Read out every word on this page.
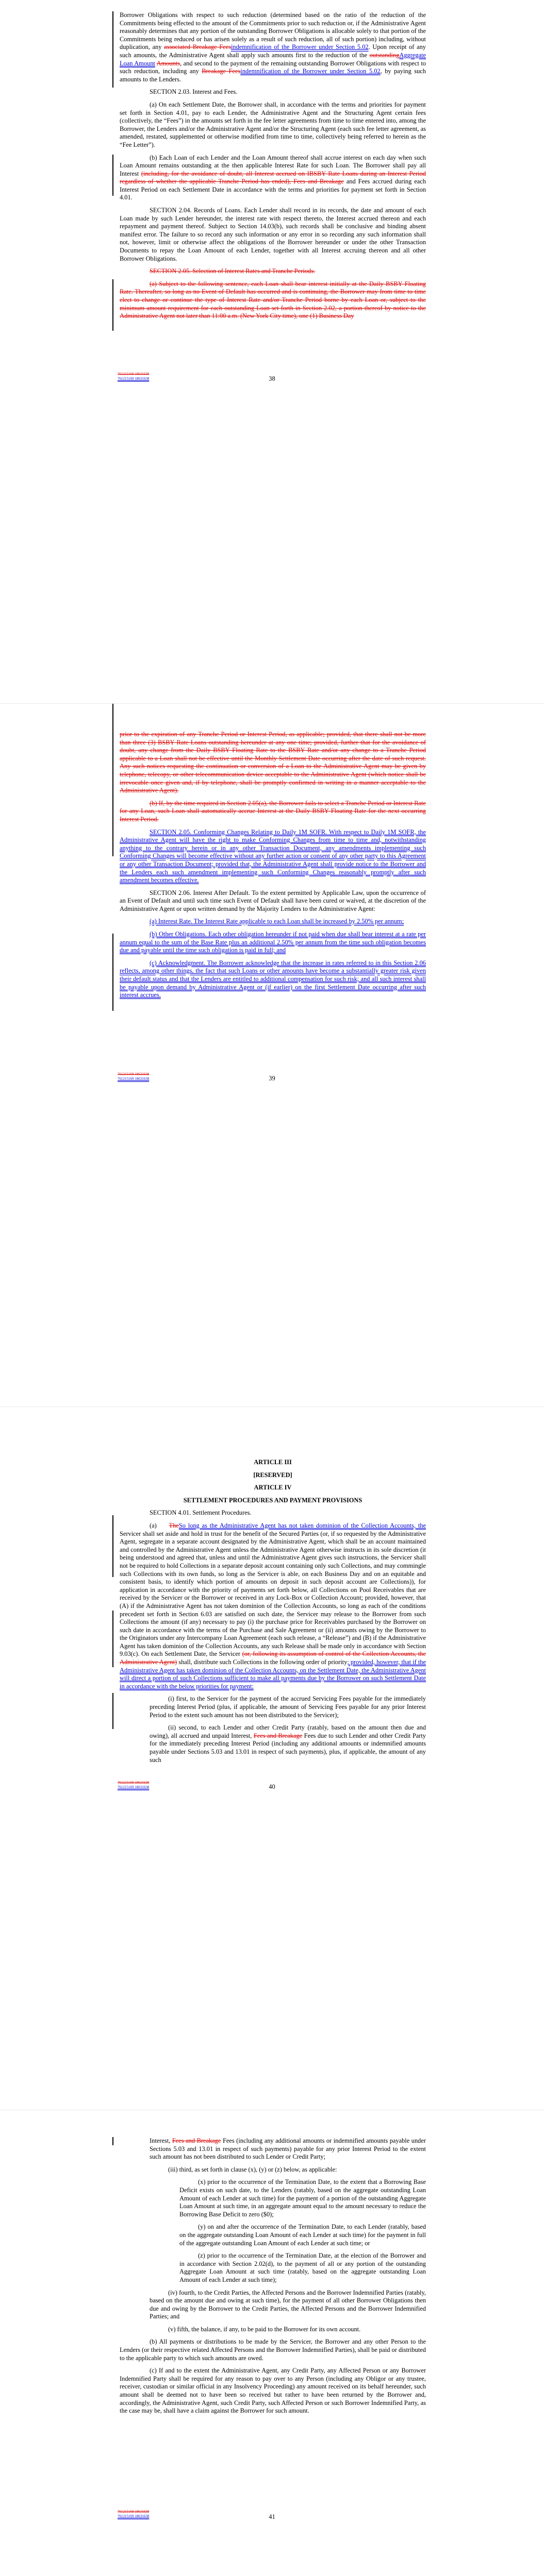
Borrower Obligations with respect to such reduction (determined based on the ratio of the reduction of the Commitments being effected to the amount of the Commitments prior to such reduction or, if the Administrative Agent reasonably determines that any portion of the outstanding Borrower Obligations is allocable solely to that portion of the Commitments being reduced or has arisen solely as a result of such reduction, all of such portion) including, without duplication, any associated Breakage Feesindemnification of the Borrower under Section 5.02. Upon receipt of any such amounts, the Administrative Agent shall apply such amounts first to the reduction of the outstandingAggregate Loan Amount Amounts, and second to the payment of the remaining outstanding Borrower Obligations with respect to such reduction, including any Breakage Feesindemnification of the Borrower under Section 5.02, by paying such amounts to the Lenders.

SECTION 2.03. Interest and Fees.

(a) On each Settlement Date, the Borrower shall, in accordance with the terms and priorities for payment set forth in Section 4.01, pay to each Lender, the Administrative Agent and the Structuring Agent certain fees (collectively, the “Fees”) in the amounts set forth in the fee letter agreements from time to time entered into, among the Borrower, the Lenders and/or the Administrative Agent and/or the Structuring Agent (each such fee letter agreement, as amended, restated, supplemented or otherwise modified from time to time, collectively being referred to herein as the “Fee Letter”).

(b) Each Loan of each Lender and the Loan Amount thereof shall accrue interest on each day when such Loan Amount remains outstanding at the then applicable Interest Rate for such Loan. The Borrower shall pay all Interest (including, for the avoidance of doubt, all Interest accrued on IBSBY Rate Loans during an Interest Period regardless of whether the applicable Tranche Period has ended), Fees and Breakage and Fees accrued during each Interest Period on each Settlement Date in accordance with the terms and priorities for payment set forth in Section 4.01.

SECTION 2.04. Records of Loans. Each Lender shall record in its records, the date and amount of each Loan made by such Lender hereunder, the interest rate with respect thereto, the Interest accrued thereon and each repayment and payment thereof. Subject to Section 14.03(b), such records shall be conclusive and binding absent manifest error. The failure to so record any such information or any error in so recording any such information shall not, however, limit or otherwise affect the obligations of the Borrower hereunder or under the other Transaction Documents to repay the Loan Amount of each Lender, together with all Interest accruing thereon and all other Borrower Obligations.

SECTION 2.05. Selection of Interest Rates and Tranche Periods.

(a) Subject to the following sentence, each Loan shall bear interest initially at the Daily BSBY Floating Rate. Thereafter, so long as no Event of Default has occurred and is continuing, the Borrower may from time to time elect to change or continue the type of Interest Rate and/or Tranche Period borne by each Loan or, subject to the minimum amount requirement for each outstanding Loan set forth in Section 2.02, a portion thereof by notice to the Administrative Agent not later than 11:00 a.m. (New York City time), one (1) Business Day

761215169 18631638
761215169 18631638	38

prior to the expiration of any Tranche Period or Interest Period, as applicable; provided, that there shall not be more than three (3) BSBY Rate Loans outstanding hereunder at any one time; provided, further that for the avoidance of doubt, any change from the Daily BSBY Floating Rate to the BSBY Rate and/or any change to a Tranche Period applicable to a Loan shall not be effective until the Monthly Settlement Date occurring after the date of such request. Any such notices requesting the continuation or conversion of a Loan to the Administrative Agent may be given by telephone, telecopy, or other telecommunication device acceptable to the Administrative Agent (which notice shall be irrevocable once given and, if by telephone, shall be promptly confirmed in writing in a manner acceptable to the Administrative Agent).

(b) If, by the time required in Section 2.05(a), the Borrower fails to select a Tranche Period or Interest Rate for any Loan, such Loan shall automatically accrue Interest at the Daily BSBY Floating Rate for the next occurring Interest Period.

SECTION 2.05. Conforming Changes Relating to Daily 1M SOFR. With respect to Daily 1M SOFR, the Administrative Agent will have the right to make Conforming Changes from time to time and, notwithstanding anything to the contrary herein or in any other Transaction Document, any amendments implementing such Conforming Changes will become effective without any further action or consent of any other party to this Agreement or any other Transaction Document; provided that, the Administrative Agent shall provide notice to the Borrower and the Lenders each such amendment implementing such Conforming Changes reasonably promptly after such amendment becomes effective.

SECTION 2.06. Interest After Default. To the extent permitted by Applicable Law, upon the occurrence of an Event of Default and until such time such Event of Default shall have been cured or waived, at the discretion of the Administrative Agent or upon written demand by the Majority Lenders to the Administrative Agent:

(a) Interest Rate. The Interest Rate applicable to each Loan shall be increased by 2.50% per annum;

(b) Other Obligations. Each other obligation hereunder if not paid when due shall bear interest at a rate per annum equal to the sum of the Base Rate plus an additional 2.50% per annum from the time such obligation becomes due and payable until the time such obligation is paid in full; and

(c) Acknowledgment. The Borrower acknowledge that the increase in rates referred to in this Section 2.06 reflects, among other things, the fact that such Loans or other amounts have become a substantially greater risk given their default status and that the Lenders are entitled to additional compensation for such risk; and all such interest shall be payable upon demand by Administrative Agent or (if earlier) on the first Settlement Date occurring after such interest accrues.

761215169 18631638
761215169 18631638	39

ARTICLE III

[RESERVED]

ARTICLE IV

SETTLEMENT PROCEDURES AND PAYMENT PROVISIONS

SECTION 4.01. Settlement Procedures.

(a)     TheSo long as the Administrative Agent has not taken dominion of the Collection Accounts, the Servicer shall set aside and hold in trust for the benefit of the Secured Parties (or, if so requested by the Administrative Agent, segregate in a separate account designated by the Administrative Agent, which shall be an account maintained and controlled by the Administrative Agent unless the Administrative Agent otherwise instructs in its sole discretion (it being understood and agreed that, unless and until the Administrative Agent gives such instructions, the Servicer shall not be required to hold Collections in a separate deposit account containing only such Collections, and may commingle such Collections with its own funds, so long as the Servicer is able, on each Business Day and on an equitable and consistent basis, to identify which portion of amounts on deposit in such deposit account are Collections)), for application in accordance with the priority of payments set forth below, all Collections on Pool Receivables that are received by the Servicer or the Borrower or received in any Lock-Box or Collection Account; provided, however, that (A) if the Administrative Agent has not taken dominion of the Collection Accounts, so long as each of the conditions precedent set forth in Section 6.03 are satisfied on such date, the Servicer may release to the Borrower from such Collections the amount (if any) necessary to pay (i) the purchase price for Receivables purchased by the Borrower on such date in accordance with the terms of the Purchase and Sale Agreement or (ii) amounts owing by the Borrower to the Originators under any Intercompany Loan Agreement (each such release, a “Release”) and (B) if the Administrative Agent has taken dominion of the Collection Accounts, any such Release shall be made only in accordance with Section 9.03(c). On each Settlement Date, the Servicer (or, following its assumption of control of the Collection Accounts, the Administrative Agent) shall, distribute such Collections in the following order of priority; provided, however, that if the Administrative Agent has taken dominion of the Collection Accounts, on the Settlement Date, the Administrative Agent will direct a portion of such Collections sufficient to make all payments due by the Borrower on such Settlement Date in accordance with the below priorities for payment:

(i) first, to the Servicer for the payment of the accrued Servicing Fees payable for the immediately preceding Interest Period (plus, if applicable, the amount of Servicing Fees payable for any prior Interest Period to the extent such amount has not been distributed to the Servicer);

(ii) second, to each Lender and other Credit Party (ratably, based on the amount then due and owing), all accrued and unpaid Interest, Fees and Breakage Fees due to such Lender and other Credit Party for the immediately preceding Interest Period (including any additional amounts or indemnified amounts payable under Sections 5.03 and 13.01 in respect of such payments), plus, if applicable, the amount of any such

761215169 18631638
761215169 18631638	40

Interest, Fees and Breakage Fees (including any additional amounts or indemnified amounts payable under Sections 5.03 and 13.01 in respect of such payments) payable for any prior Interest Period to the extent such amount has not been distributed to such Lender or Credit Party;

(iii) third, as set forth in clause (x), (y) or (z) below, as applicable:

(x) prior to the occurrence of the Termination Date, to the extent that a Borrowing Base Deficit exists on such date, to the Lenders (ratably, based on the aggregate outstanding Loan Amount of each Lender at such time) for the payment of a portion of the outstanding Aggregate Loan Amount at such time, in an aggregate amount equal to the amount necessary to reduce the Borrowing Base Deficit to zero ($0);

(y) on and after the occurrence of the Termination Date, to each Lender (ratably, based on the aggregate outstanding Loan Amount of each Lender at such time) for the payment in full of the aggregate outstanding Loan Amount of each Lender at such time; or

(z) prior to the occurrence of the Termination Date, at the election of the Borrower and in accordance with Section 2.02(d), to the payment of all or any portion of the outstanding Aggregate Loan Amount at such time (ratably, based on the aggregate outstanding Loan Amount of each Lender at such time);

(iv) fourth, to the Credit Parties, the Affected Persons and the Borrower Indemnified Parties (ratably, based on the amount due and owing at such time), for the payment of all other Borrower Obligations then due and owing by the Borrower to the Credit Parties, the Affected Persons and the Borrower Indemnified Parties; and

(v) fifth, the balance, if any, to be paid to the Borrower for its own account.

(b) All payments or distributions to be made by the Servicer, the Borrower and any other Person to the Lenders (or their respective related Affected Persons and the Borrower Indemnified Parties), shall be paid or distributed to the applicable party to which such amounts are owed.

(c) If and to the extent the Administrative Agent, any Credit Party, any Affected Person or any Borrower Indemnified Party shall be required for any reason to pay over to any Person (including any Obligor or any trustee, receiver, custodian or similar official in any Insolvency Proceeding) any amount received on its behalf hereunder, such amount shall be deemed not to have been so received but rather to have been returned by the Borrower and, accordingly, the Administrative Agent, such Credit Party, such Affected Person or such Borrower Indemnified Party, as the case may be, shall have a claim against the Borrower for such amount.

761215169 18631638
761215169 18631638	41
